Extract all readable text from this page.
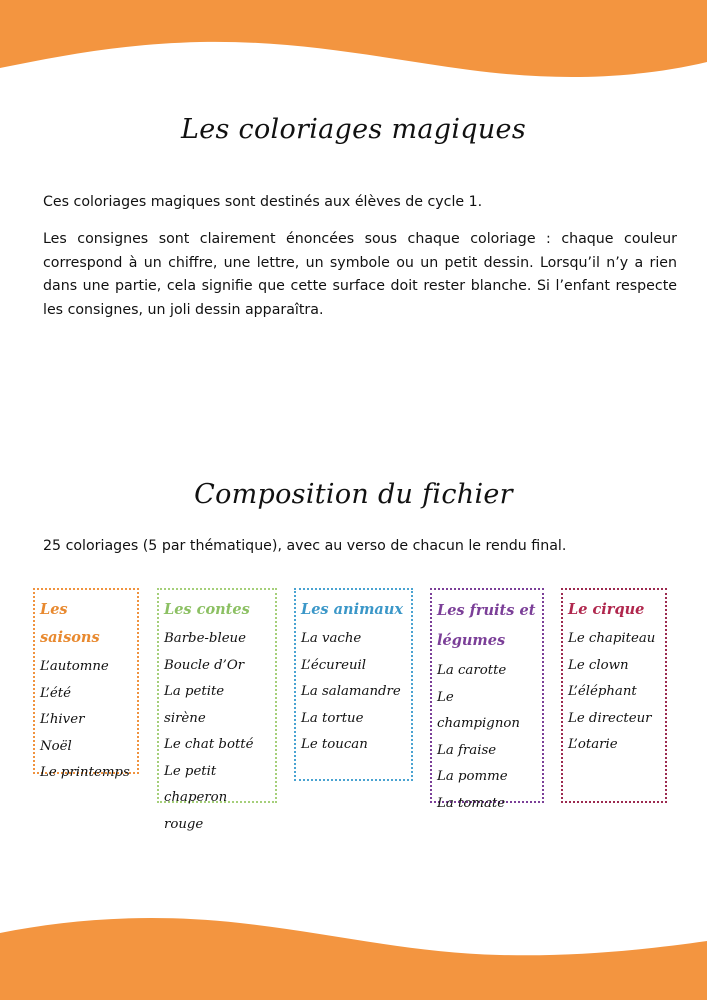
Les coloriages magiques

Ces coloriages magiques sont destinés aux élèves de cycle 1.

Les consignes sont clairement énoncées sous chaque coloriage : chaque couleur correspond à un chiffre, une lettre, un symbole ou un petit dessin. Lorsqu’il n’y a rien dans une partie, cela signifie que cette surface doit rester blanche. Si l’enfant respecte les consignes, un joli dessin apparaîtra.

Composition du fichier

25 coloriages (5 par thématique), avec au verso de chacun le rendu final.

Les saisons
L’automne
L’été
L’hiver
Noël
Le printemps
Les contes
Barbe-bleue
Boucle d’Or
La petite sirène
Le chat botté
Le petit chaperon rouge
Les animaux
La vache
L’écureuil
La salamandre
La tortue
Le toucan
Les fruits et légumes
La carotte
Le champignon
La fraise
La pomme
La tomate
Le cirque
Le chapiteau
Le clown
L’éléphant
Le directeur
L’otarie
